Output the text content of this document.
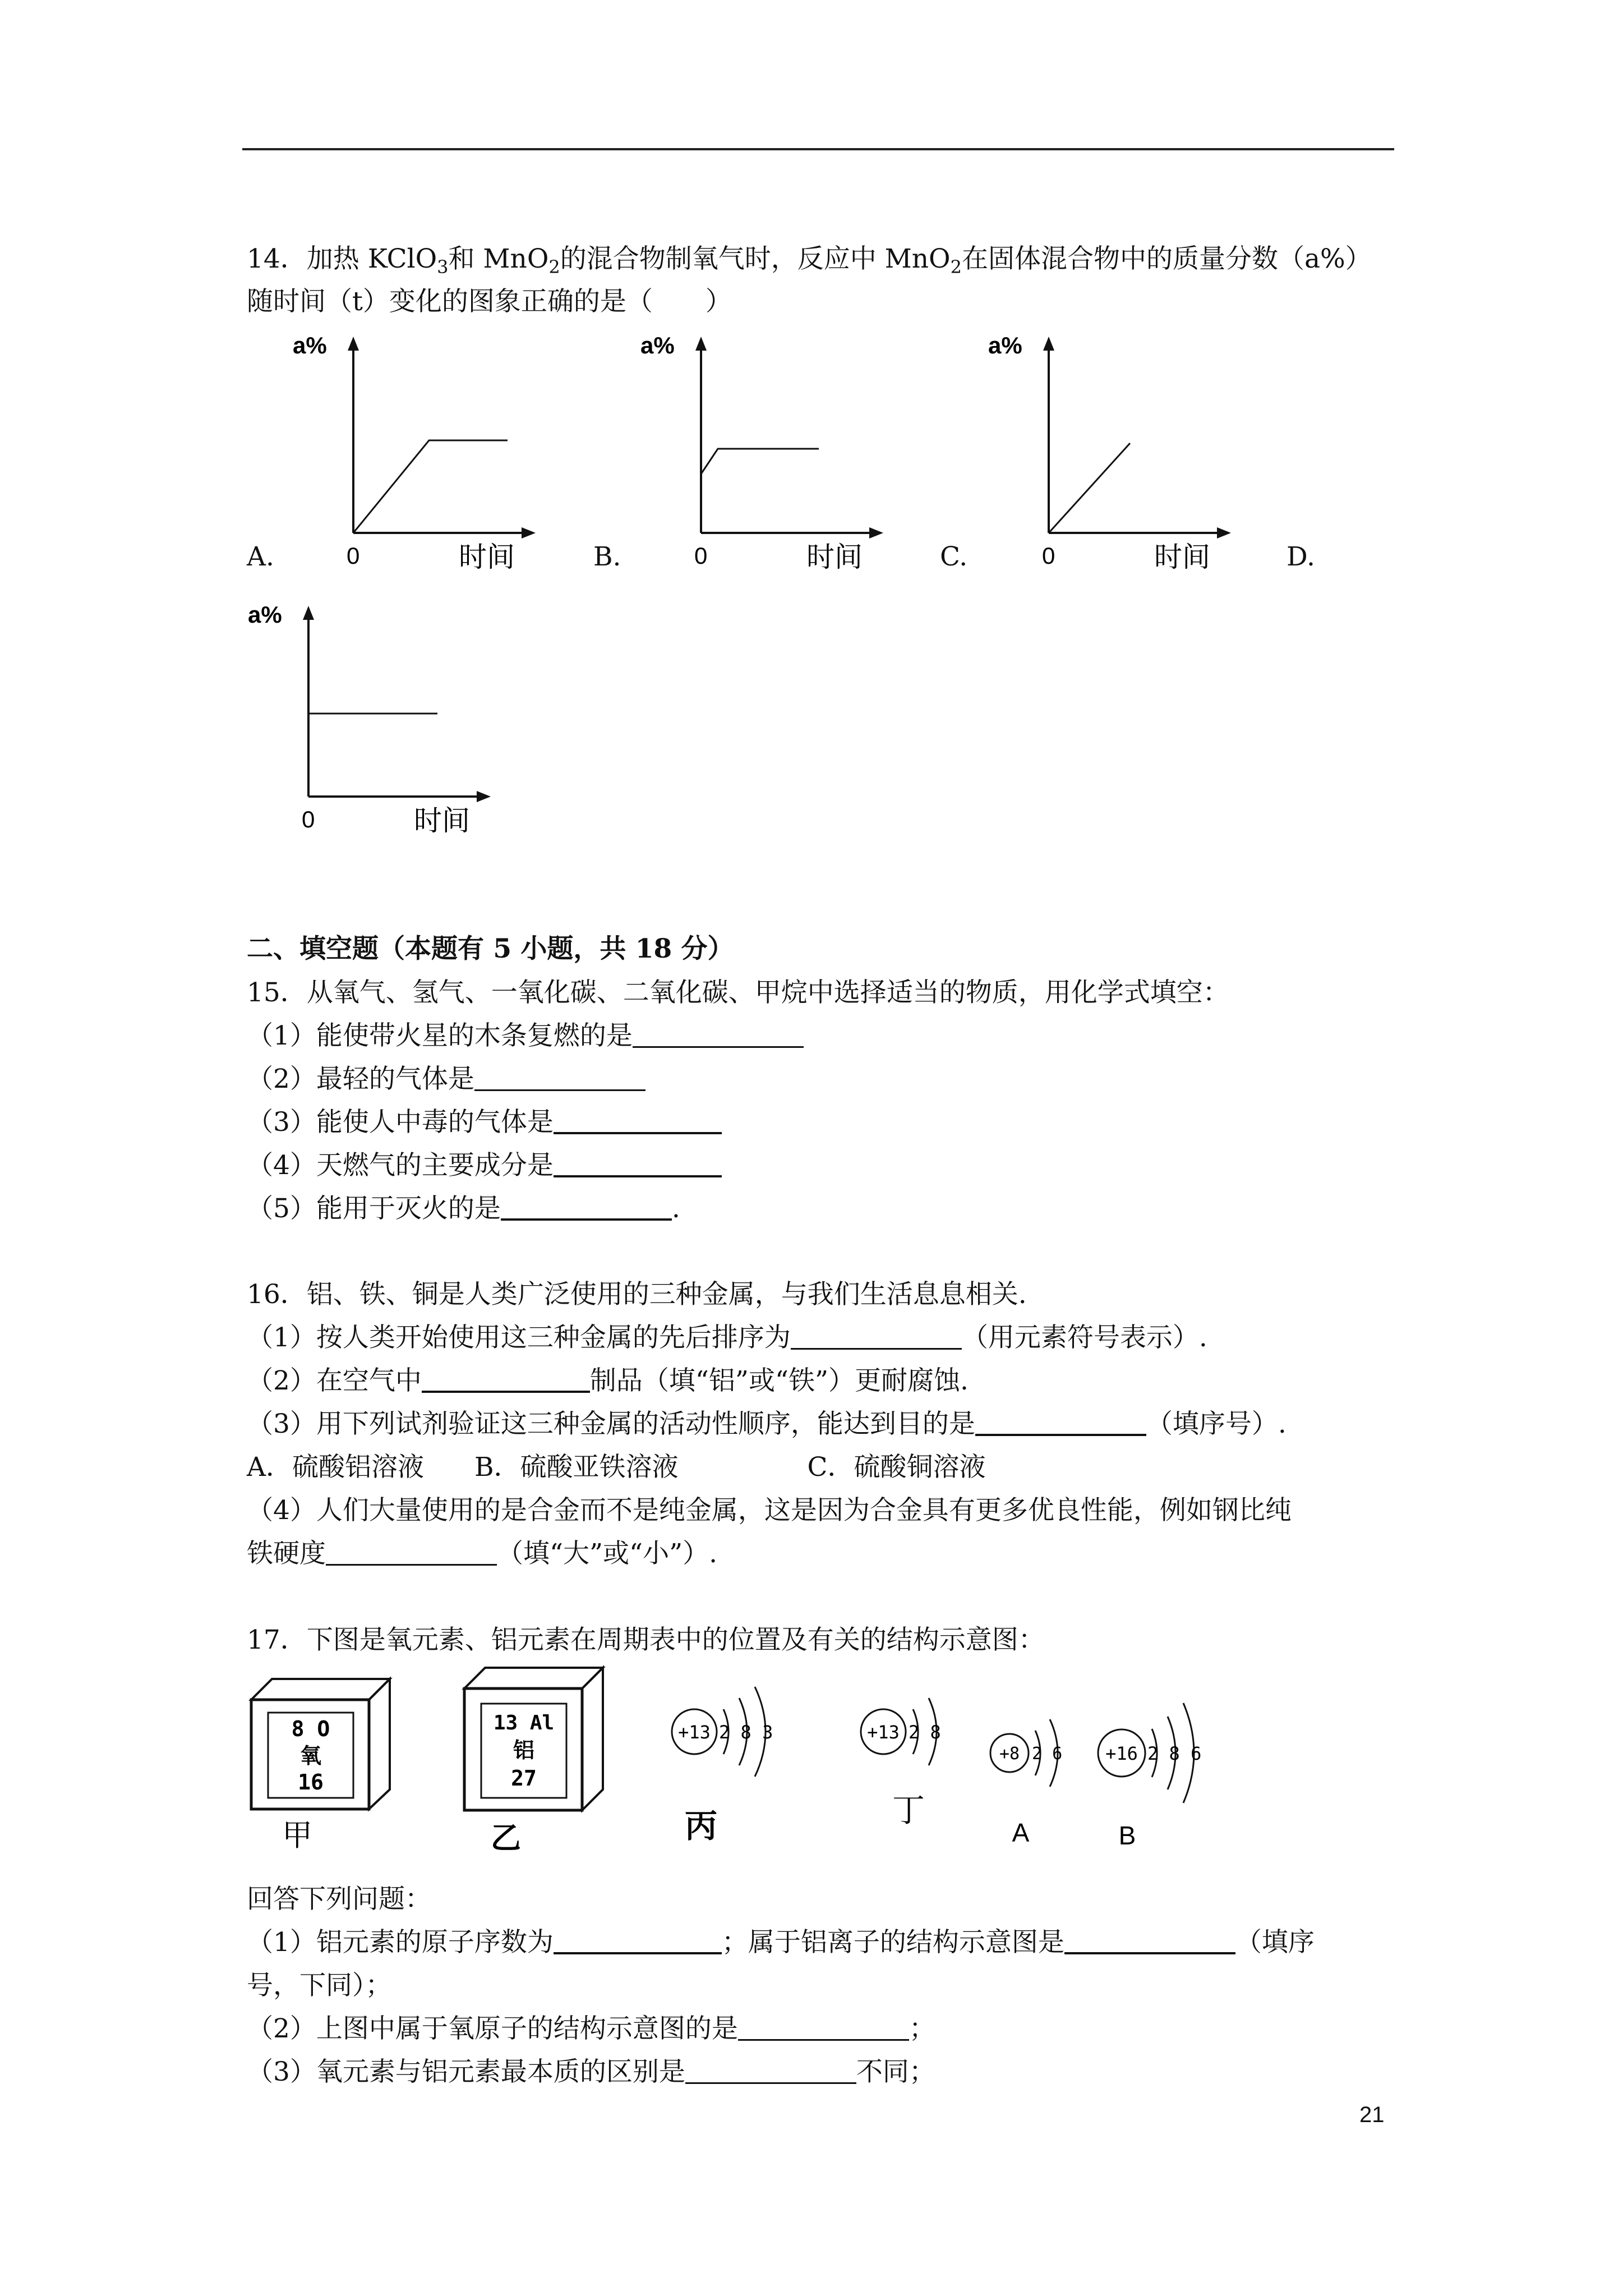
14．加热 KClO$_3$和 MnO$_2$的混合物制氧气时，反应中 MnO$_2$在固体混合物中的质量分数（a%）
随时间（t）变化的图象正确的是（　　）
a%
0	时间
A.
a%
0	时间
B.
a%
0	时间
C.	D.
a%
0	时间
二、填空题（本题有 5 小题，共 18 分）
15．从氧气、氢气、一氧化碳、二氧化碳、甲烷中选择适当的物质，用化学式填空：
（1）能使带火星的木条复燃的是
（2）最轻的气体是
（3）能使人中毒的气体是
（4）天燃气的主要成分是
（5）能用于灭火的是	.
16．铝、铁、铜是人类广泛使用的三种金属，与我们生活息息相关.
（1）按人类开始使用这三种金属的先后排序为	（用元素符号表示）.
（2）在空气中	制品（填“铝”或“铁”）更耐腐蚀.
（3）用下列试剂验证这三种金属的活动性顺序，能达到目的是	（填序号）.
A．硫酸铝溶液 B．硫酸亚铁溶液	C．硫酸铜溶液
（4）人们大量使用的是合金而不是纯金属，这是因为合金具有更多优良性能，例如钢比纯
铁硬度	（填“大”或“小”）.
17．下图是氧元素、铝元素在周期表中的位置及有关的结构示意图：
8 O
氧
16
甲
13 Al
铝
27
乙
+13 2 8 3
丙
+13 2 8
丁
+8 2 6
A
+16 2 8 6
B
回答下列问题：
（1）铝元素的原子序数为	；属于铝离子的结构示意图是	（填序
号，下同）；
（2）上图中属于氧原子的结构示意图的是	；
（3）氧元素与铝元素最本质的区别是	不同；
21
